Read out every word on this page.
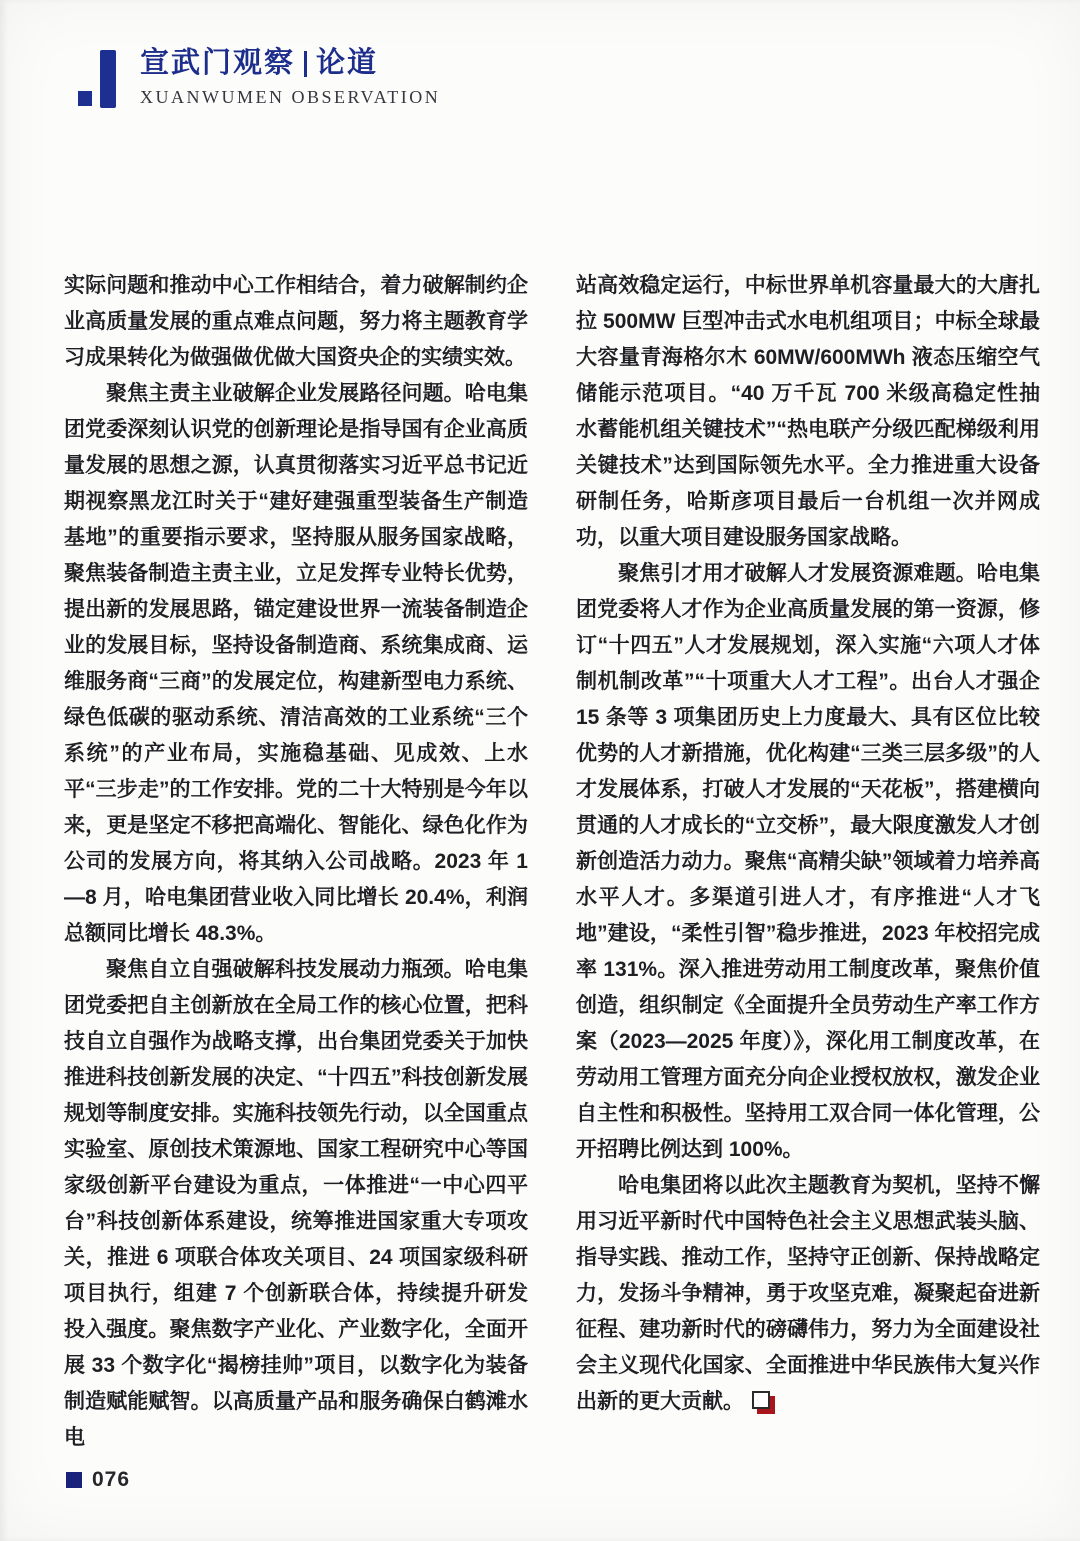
宣武门观察 论道
XUANWUMEN OBSERVATION

实际问题和推动中心工作相结合，着力破解制约企业高质量发展的重点难点问题，努力将主题教育学习成果转化为做强做优做大国资央企的实绩实效。

聚焦主责主业破解企业发展路径问题。哈电集团党委深刻认识党的创新理论是指导国有企业高质量发展的思想之源，认真贯彻落实习近平总书记近期视察黑龙江时关于“建好建强重型装备生产制造基地”的重要指示要求，坚持服从服务国家战略，聚焦装备制造主责主业，立足发挥专业特长优势，提出新的发展思路，锚定建设世界一流装备制造企业的发展目标，坚持设备制造商、系统集成商、运维服务商“三商”的发展定位，构建新型电力系统、绿色低碳的驱动系统、清洁高效的工业系统“三个系统”的产业布局，实施稳基础、见成效、上水平“三步走”的工作安排。党的二十大特别是今年以来，更是坚定不移把高端化、智能化、绿色化作为公司的发展方向，将其纳入公司战略。2023 年 1—8 月，哈电集团营业收入同比增长 20.4%，利润总额同比增长 48.3%。

聚焦自立自强破解科技发展动力瓶颈。哈电集团党委把自主创新放在全局工作的核心位置，把科技自立自强作为战略支撑，出台集团党委关于加快推进科技创新发展的决定、“十四五”科技创新发展规划等制度安排。实施科技领先行动，以全国重点实验室、原创技术策源地、国家工程研究中心等国家级创新平台建设为重点，一体推进“一中心四平台”科技创新体系建设，统筹推进国家重大专项攻关，推进 6 项联合体攻关项目、24 项国家级科研项目执行，组建 7 个创新联合体，持续提升研发投入强度。聚焦数字产业化、产业数字化，全面开展 33 个数字化“揭榜挂帅”项目，以数字化为装备制造赋能赋智。以高质量产品和服务确保白鹤滩水电

站高效稳定运行，中标世界单机容量最大的大唐扎拉 500MW 巨型冲击式水电机组项目；中标全球最大容量青海格尔木 60MW/600MWh 液态压缩空气储能示范项目。“40 万千瓦 700 米级高稳定性抽水蓄能机组关键技术”“热电联产分级匹配梯级利用关键技术”达到国际领先水平。全力推进重大设备研制任务，哈斯彦项目最后一台机组一次并网成功，以重大项目建设服务国家战略。

聚焦引才用才破解人才发展资源难题。哈电集团党委将人才作为企业高质量发展的第一资源，修订“十四五”人才发展规划，深入实施“六项人才体制机制改革”“十项重大人才工程”。出台人才强企 15 条等 3 项集团历史上力度最大、具有区位比较优势的人才新措施，优化构建“三类三层多级”的人才发展体系，打破人才发展的“天花板”，搭建横向贯通的人才成长的“立交桥”，最大限度激发人才创新创造活力动力。聚焦“高精尖缺”领域着力培养高水平人才。多渠道引进人才，有序推进“人才飞地”建设，“柔性引智”稳步推进，2023 年校招完成率 131%。深入推进劳动用工制度改革，聚焦价值创造，组织制定《全面提升全员劳动生产率工作方案（2023—2025 年度）》，深化用工制度改革，在劳动用工管理方面充分向企业授权放权，激发企业自主性和积极性。坚持用工双合同一体化管理，公开招聘比例达到 100%。

哈电集团将以此次主题教育为契机，坚持不懈用习近平新时代中国特色社会主义思想武装头脑、指导实践、推动工作，坚持守正创新、保持战略定力，发扬斗争精神，勇于攻坚克难，凝聚起奋进新征程、建功新时代的磅礴伟力，努力为全面建设社会主义现代化国家、全面推进中华民族伟大复兴作出新的更大贡献。

076
